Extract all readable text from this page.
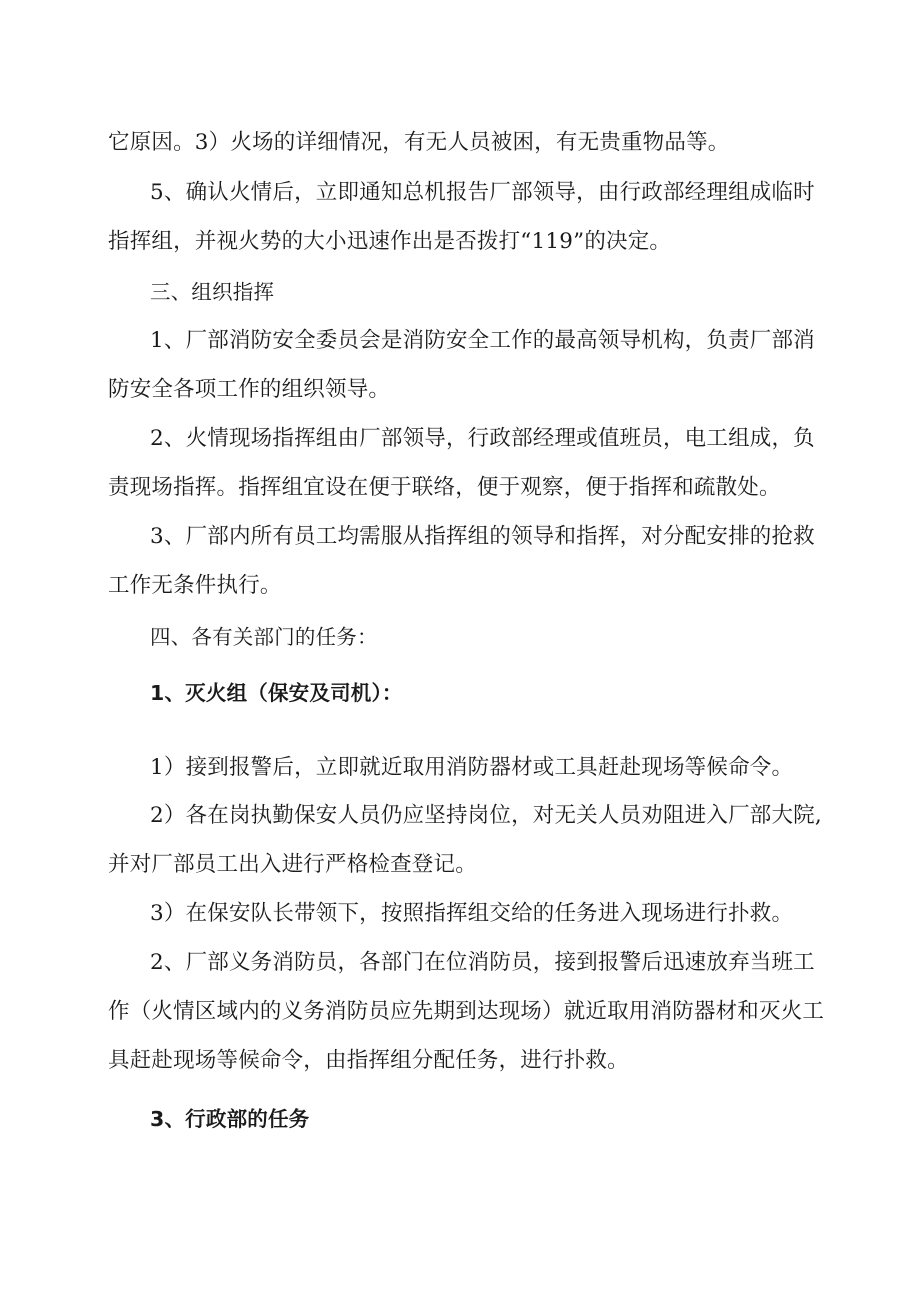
它原因。3）火场的详细情况，有无人员被困，有无贵重物品等。
5、确认火情后，立即通知总机报告厂部领导，由行政部经理组成临时
指挥组，并视火势的大小迅速作出是否拨打“119”的决定。
三、组织指挥
1、厂部消防安全委员会是消防安全工作的最高领导机构，负责厂部消
防安全各项工作的组织领导。
2、火情现场指挥组由厂部领导，行政部经理或值班员，电工组成，负
责现场指挥。指挥组宜设在便于联络，便于观察，便于指挥和疏散处。
3、厂部内所有员工均需服从指挥组的领导和指挥，对分配安排的抢救
工作无条件执行。
四、各有关部门的任务：
1、灭火组（保安及司机）：
1）接到报警后，立即就近取用消防器材或工具赶赴现场等候命令。
2）各在岗执勤保安人员仍应坚持岗位，对无关人员劝阻进入厂部大院,
并对厂部员工出入进行严格检查登记。
3）在保安队长带领下，按照指挥组交给的任务进入现场进行扑救。
2、厂部义务消防员，各部门在位消防员，接到报警后迅速放弃当班工
作（火情区域内的义务消防员应先期到达现场）就近取用消防器材和灭火工
具赶赴现场等候命令，由指挥组分配任务，进行扑救。
3、行政部的任务
